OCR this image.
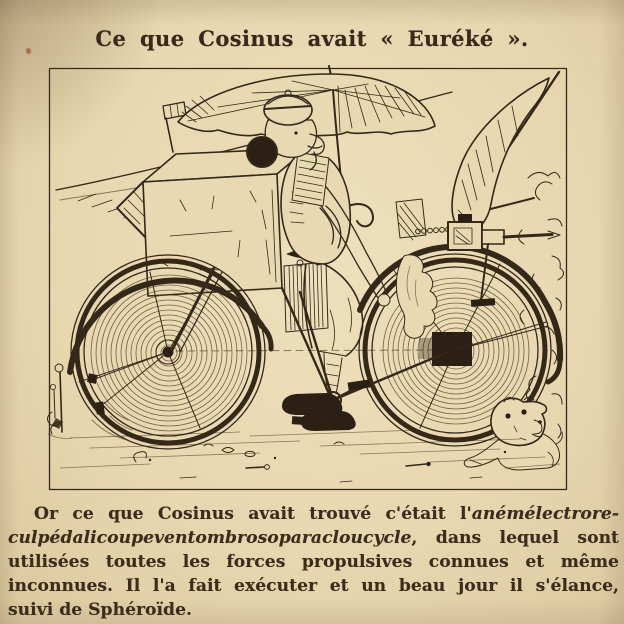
Ce que Cosinus avait « Euréké ».
Or ce que Cosinus avait trouvé c'était l'anémélectrore-
culpédalicoupeventombrosoparacloucycle, dans lequel sont
utilisées toutes les forces propulsives connues et même
inconnues. Il l'a fait exécuter et un beau jour il s'élance,
suivi de Sphéroïde.
